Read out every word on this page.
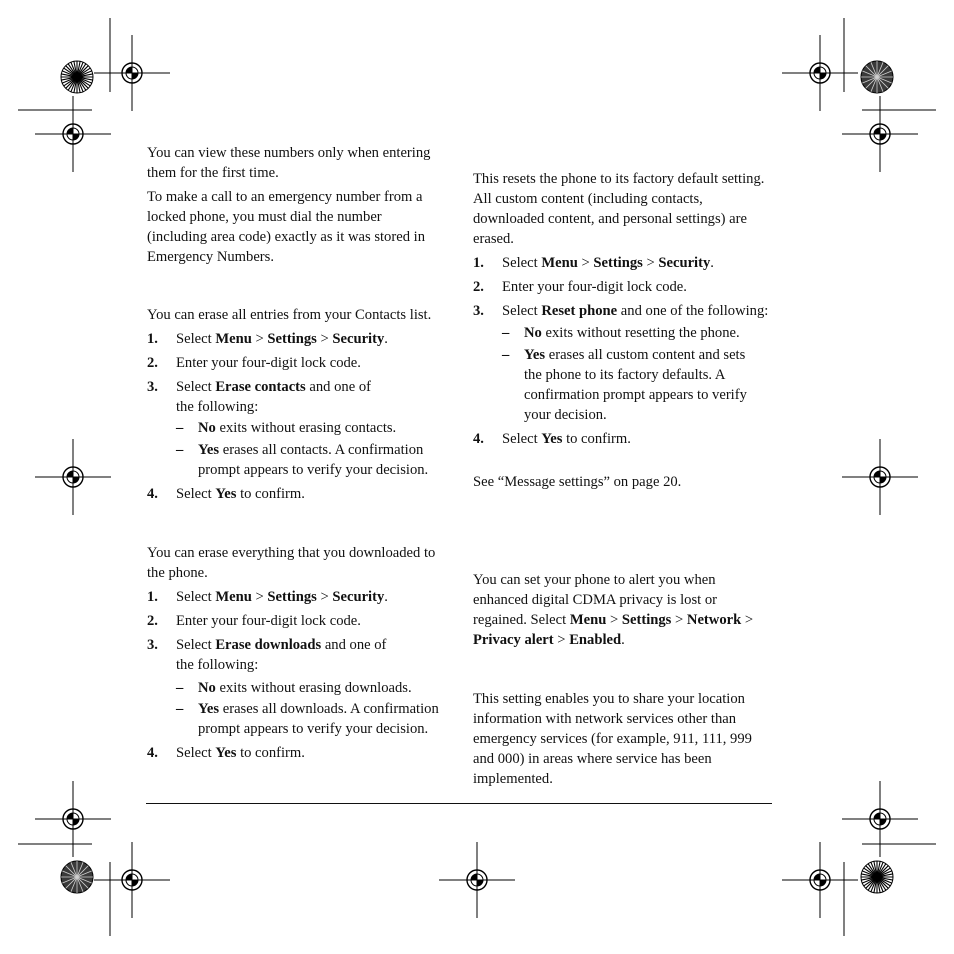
You can view these numbers only when entering them for the first time.

To make a call to an emergency number from a locked phone, you must dial the number (including area code) exactly as it was stored in Emergency Numbers.

You can erase all entries from your Contacts list.

1. Select Menu > Settings > Security.
2. Enter your four-digit lock code.
3. Select Erase contacts and one of
the following:
– No exits without erasing contacts.
– Yes erases all contacts. A confirmation prompt appears to verify your decision.
4. Select Yes to confirm.

You can erase everything that you downloaded to the phone.

1. Select Menu > Settings > Security.
2. Enter your four-digit lock code.
3. Select Erase downloads and one of
the following:
– No exits without erasing downloads.
– Yes erases all downloads. A confirmation prompt appears to verify your decision.
4. Select Yes to confirm.

This resets the phone to its factory default setting. All custom content (including contacts, downloaded content, and personal settings) are erased.

1. Select Menu > Settings > Security.
2. Enter your four-digit lock code.
3. Select Reset phone and one of the following:
– No exits without resetting the phone.
– Yes erases all custom content and sets the phone to its factory defaults. A confirmation prompt appears to verify your decision.
4. Select Yes to confirm.

See “Message settings” on page 20.

You can set your phone to alert you when enhanced digital CDMA privacy is lost or regained. Select Menu > Settings > Network > Privacy alert > Enabled.

This setting enables you to share your location information with network services other than emergency services (for example, 911, 111, 999 and 000) in areas where service has been implemented.
